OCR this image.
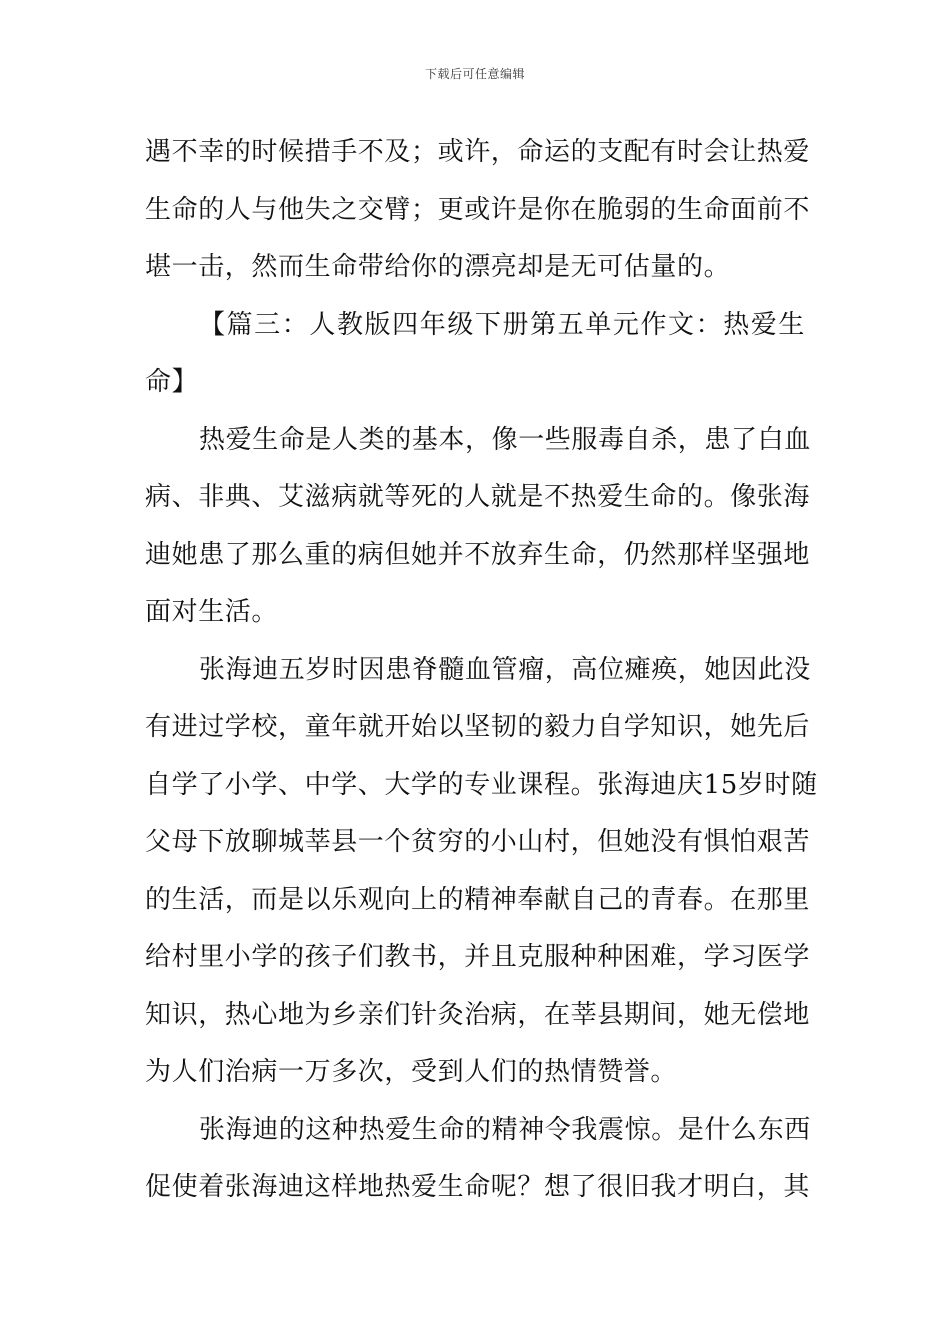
下载后可任意编辑
遇不幸的时候措手不及；或许，命运的支配有时会让热爱
生命的人与他失之交臂；更或许是你在脆弱的生命面前不
堪一击，然而生命带给你的漂亮却是无可估量的。
【篇三：人教版四年级下册第五单元作文：热爱生
命】
热爱生命是人类的基本，像一些服毒自杀，患了白血
病、非典、艾滋病就等死的人就是不热爱生命的。像张海
迪她患了那么重的病但她并不放弃生命，仍然那样坚强地
面对生活。
张海迪五岁时因患脊髓血管瘤，高位瘫痪，她因此没
有进过学校，童年就开始以坚韧的毅力自学知识，她先后
自学了小学、中学、大学的专业课程。张海迪庆15岁时随
父母下放聊城莘县一个贫穷的小山村，但她没有惧怕艰苦
的生活，而是以乐观向上的精神奉献自己的青春。在那里
给村里小学的孩子们教书，并且克服种种困难，学习医学
知识，热心地为乡亲们针灸治病，在莘县期间，她无偿地
为人们治病一万多次，受到人们的热情赞誉。
张海迪的这种热爱生命的精神令我震惊。是什么东西
促使着张海迪这样地热爱生命呢？想了很旧我才明白，其
